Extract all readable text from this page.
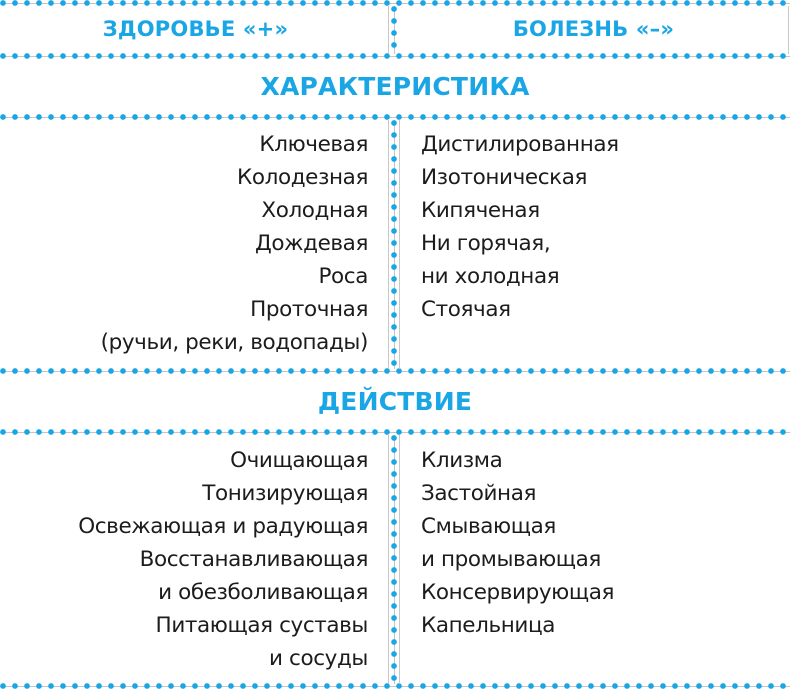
ЗДОРОВЬЕ «+»	БОЛЕЗНЬ «–»
ХАРАКТЕРИСТИКА
Ключевая
Колодезная
Холодная
Дождевая
Роса
Проточная
(ручьи, реки, водопады)
Дистилированная
Изотоническая
Кипяченая
Ни горячая,
ни холодная
Стоячая
ДЕЙСТВИЕ
Очищающая
Тонизирующая
Освежающая и радующая
Восстанавливающая
и обезболивающая
Питающая суставы
и сосуды
Клизма
Застойная
Смывающая
и промывающая
Консервирующая
Капельница
